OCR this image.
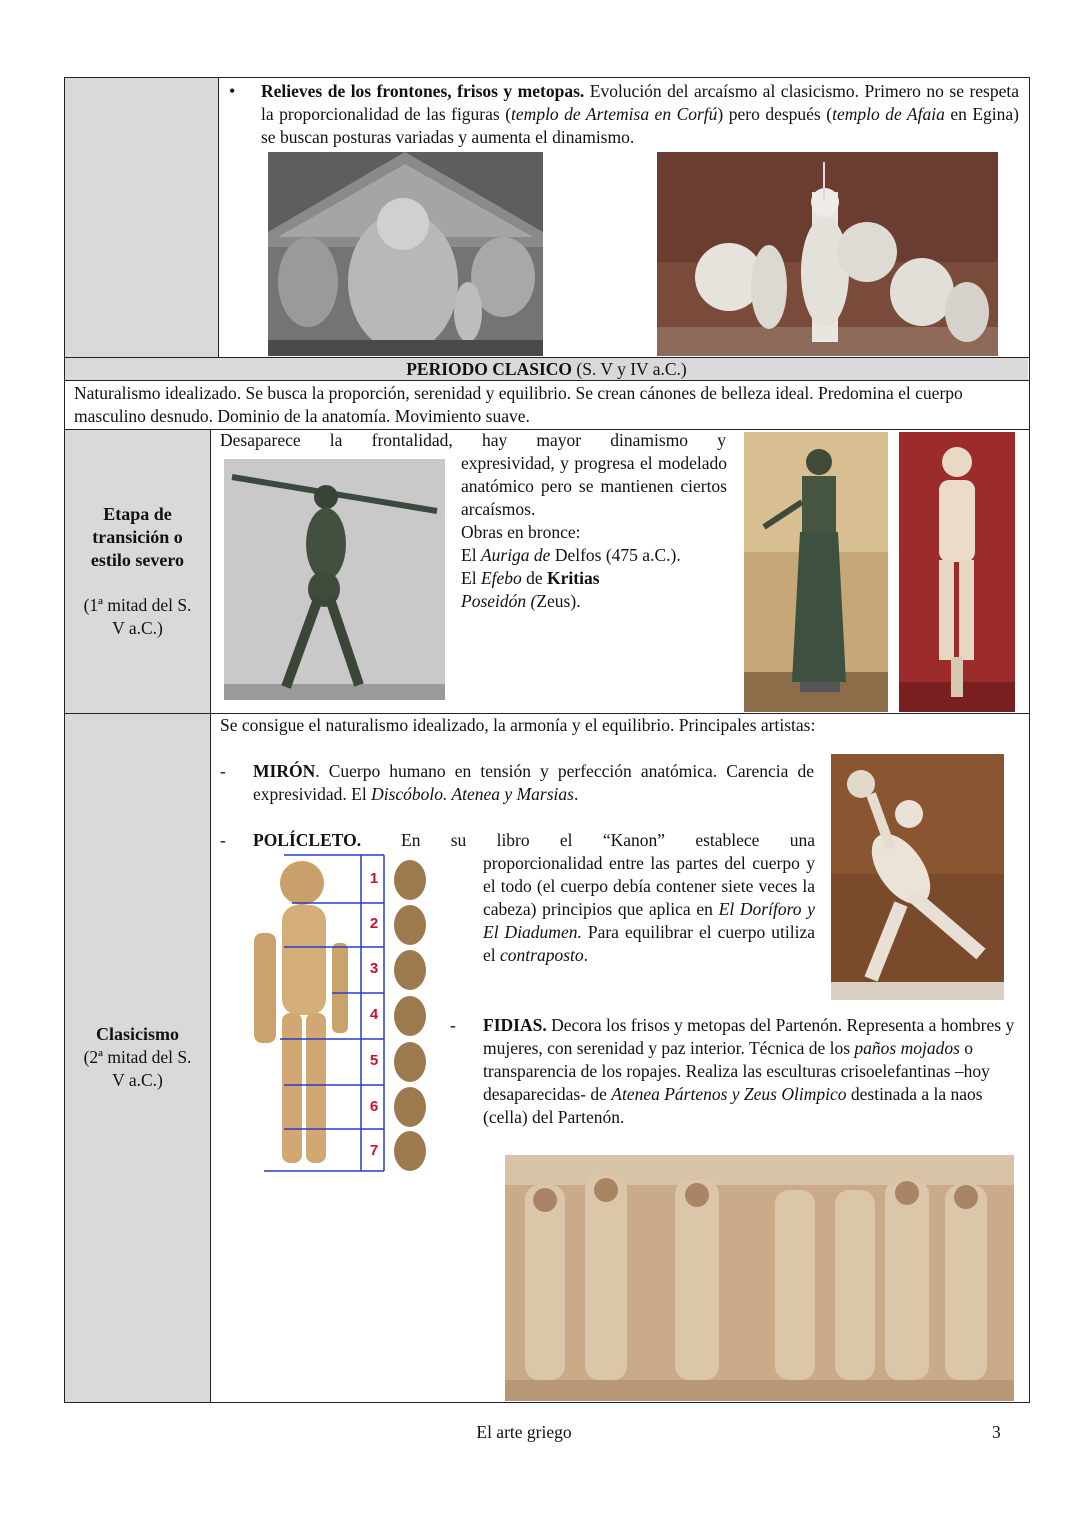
• Relieves de los frontones, frisos y metopas. Evolución del arcaísmo al clasicismo. Primero no se respeta la proporcionalidad de las figuras (templo de Artemisa en Corfú) pero después (templo de Afaia en Egina) se buscan posturas variadas y aumenta el dinamismo.
PERIODO CLASICO (S. V y IV a.C.)
Naturalismo idealizado. Se busca la proporción, serenidad y equilibrio. Se crean cánones de belleza ideal. Predomina el cuerpo masculino desnudo. Dominio de la anatomía. Movimiento suave.
Etapa de
transición o
estilo severo
(1ª mitad del S.
V a.C.)
Desaparece la frontalidad, hay mayor dinamismo y
expresividad, y progresa el modelado anatómico pero se mantienen ciertos arcaísmos.
Obras en bronce:
El Auriga de Delfos (475 a.C.).
El Efebo de Kritias
Poseidón (Zeus).
Clasicismo
(2ª mitad del S.
V a.C.)
Se consigue el naturalismo idealizado, la armonía y el equilibrio. Principales artistas:
- MIRÓN. Cuerpo humano en tensión y perfección anatómica. Carencia de expresividad. El Discóbolo. Atenea y Marsias.
- POLÍCLETO. En su libro el “Kanon” establece una
proporcionalidad entre las partes del cuerpo y el todo (el cuerpo debía contener siete veces la cabeza) principios que aplica en El Doríforo y El Diadumen. Para equilibrar el cuerpo utiliza el contraposto.
- FIDIAS. Decora los frisos y metopas del Partenón. Representa a hombres y mujeres, con serenidad y paz interior. Técnica de los paños mojados o transparencia de los ropajes. Realiza las esculturas crisoelefantinas –hoy desaparecidas- de Atenea Pártenos y Zeus Olimpico destinada a la naos (cella) del Partenón.
1
2
3
4
5
6
7
El arte griego	3
